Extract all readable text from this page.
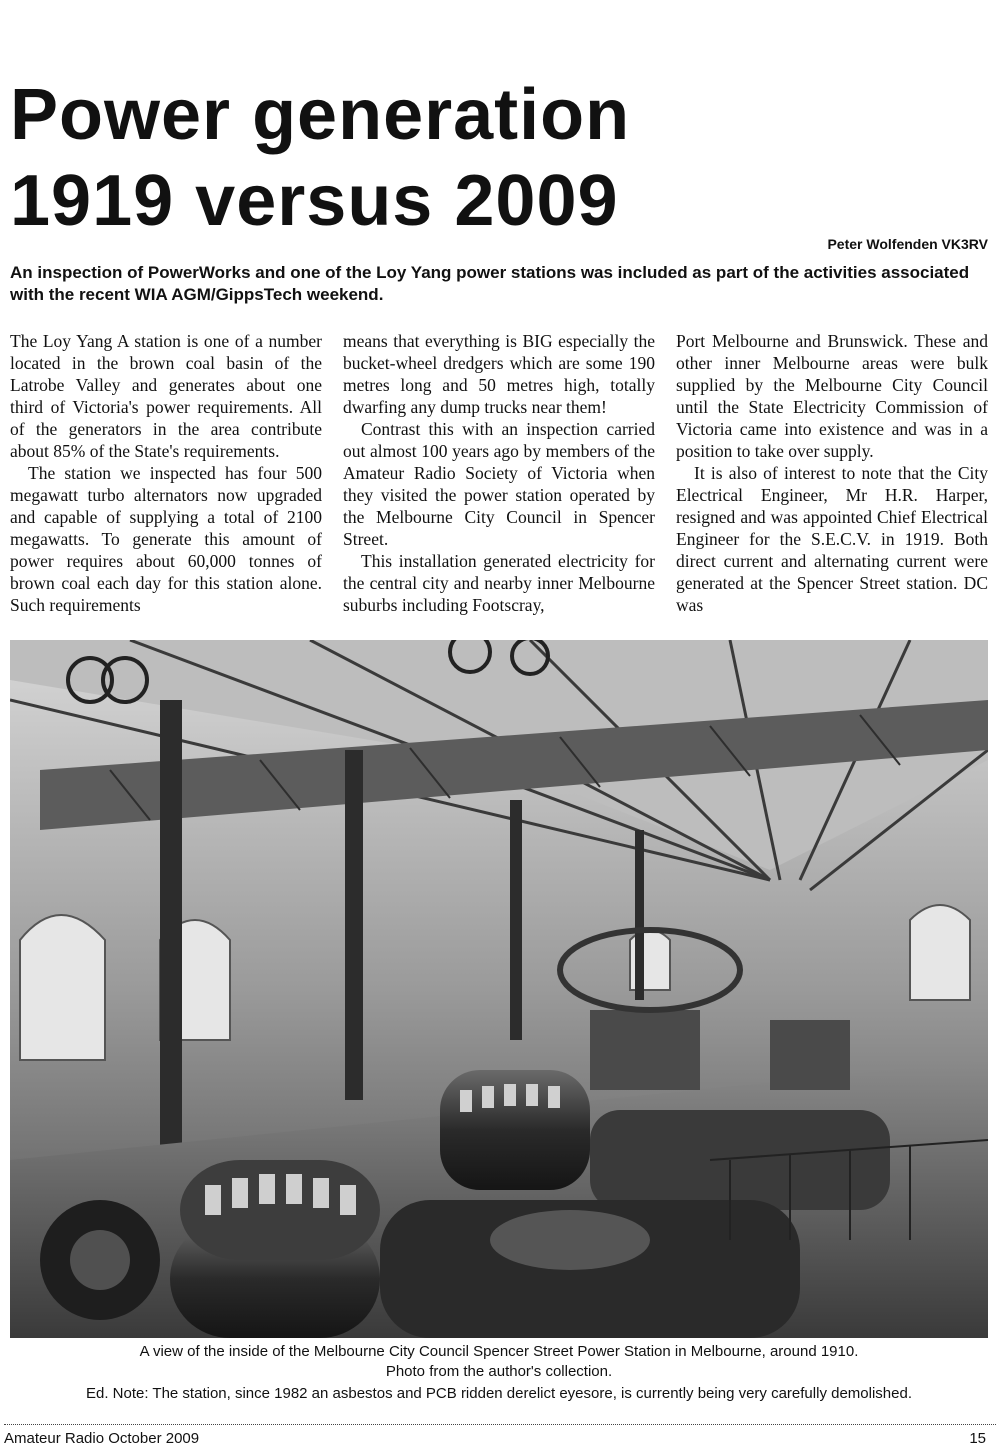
Power generation
1919 versus 2009
Peter Wolfenden VK3RV

An inspection of PowerWorks and one of the Loy Yang power stations was included as part of the activities associated with the recent WIA AGM/GippsTech weekend.

The Loy Yang A station is one of a number located in the brown coal basin of the Latrobe Valley and generates about one third of Victoria's power requirements. All of the generators in the area contribute about 85% of the State's requirements.

The station we inspected has four 500 megawatt turbo alternators now upgraded and capable of supplying a total of 2100 megawatts. To generate this amount of power requires about 60,000 tonnes of brown coal each day for this station alone. Such requirements

means that everything is BIG especially the bucket-wheel dredgers which are some 190 metres long and 50 metres high, totally dwarfing any dump trucks near them!

Contrast this with an inspection carried out almost 100 years ago by members of the Amateur Radio Society of Victoria when they visited the power station operated by the Melbourne City Council in Spencer Street.

This installation generated electricity for the central city and nearby inner Melbourne suburbs including Footscray,

Port Melbourne and Brunswick. These and other inner Melbourne areas were bulk supplied by the Melbourne City Council until the State Electricity Commission of Victoria came into existence and was in a position to take over supply.

It is also of interest to note that the City Electrical Engineer, Mr H.R. Harper, resigned and was appointed Chief Electrical Engineer for the S.E.C.V. in 1919. Both direct current and alternating current were generated at the Spencer Street station. DC was

A view of the inside of the Melbourne City Council Spencer Street Power Station in Melbourne, around 1910.
Photo from the author's collection.

Ed. Note: The station, since 1982 an asbestos and PCB ridden derelict eyesore, is currently being very carefully demolished.

Amateur Radio October 2009	15
